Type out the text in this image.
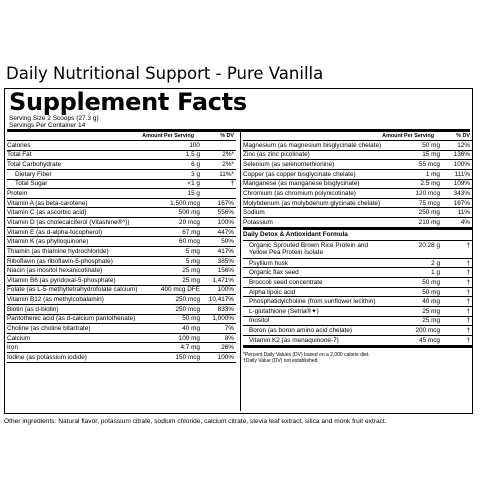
Daily Nutritional Support - Pure Vanilla
Supplement Facts
Serving Size 2 Scoops (27.3 g)
Servings Per Container 14
Amount Per Serving	% DV
Calories	100
Total Fat	1.5 g	2%*
Total Carbohydrate	6 g	2%*
Dietary Fiber	3 g	11%*
Total Sugar	<1 g	†
Protein	15 g
Vitamin A (as beta-carotene)	1,500 mcg	167%
Vitamin C (as ascorbic acid)	500 mg	556%
Vitamin D (as cholecalciferol (Vitashine®^))	20 mcg	100%
Vitamin E (as d-alpha-tocopherol)	67 mg	447%
Vitamin K (as phylloquinone)	60 mcg	50%
Thiamin (as thiamine hydrochloride)	5 mg	417%
Riboflavin (as riboflavin-5-phosphate)	5 mg	385%
Niacin (as inositol hexanicotinate)	25 mg	156%
Vitamin B6 (as pyridoxal-5-phosphate)	25 mg	1,471%
Folate (as L-5-methyltetrahydrofolate calcium)	400 mcg DFE	100%
Vitamin B12 (as methylcobalamin)	250 mcg	10,417%
Biotin (as d-biotin)	250 mcg	833%
Pantothenic acid (as d-calcium pantothenate)	50 mg	1,000%
Choline (as choline bitartrate)	40 mg	7%
Calcium	100 mg	8%
Iron	4.7 mg	26%
Iodine (as potassium iodide)	150 mcg	100%
Amount Per Serving	% DV
Magnesium (as magnesium bisglycinate chelate)	50 mg	12%
Zinc (as zinc picolinate)	15 mg	136%
Selenium (as selenomethionine)	55 mcg	100%
Copper (as copper bisglycinate chelate)	1 mg	111%
Manganese (as manganese bisglycinate)	2.5 mg	109%
Chromium (as chromium polynicotinate)	120 mcg	343%
Molybdenum (as molybdenum glycinate chelate)	75 mcg	167%
Sodium	250 mg	11%
Potassium	210 mg	4%
Daily Detox & Antioxidant Formula
Organic Sprouted Brown Rice Protein and Yellow Pea Protein Isolate
20.28 g	†
Psyllium husk	2 g	†
Organic flax seed	1 g	†
Broccoli seed concentrate	50 mg	†
Alpha lipoic acid	50 mg	†
Phosphatidylcholine (from sunflower lecithin)	40 mg	†
L-glutathione (Setria®✦)	25 mg	†
Inositol	25 mg	†
Boron (as boron amino acid chelate)	200 mcg	†
Vitamin K2 (as menaquinone-7)	45 mcg	†
*Percent Daily Values (DV) based on a 2,000 calorie diet.
†Daily Value (DV) not established.
Other ingredients: Natural flavor, potassium citrate, sodium chloride, calcium citrate, stevia leaf extract, silica and monk fruit extract.
